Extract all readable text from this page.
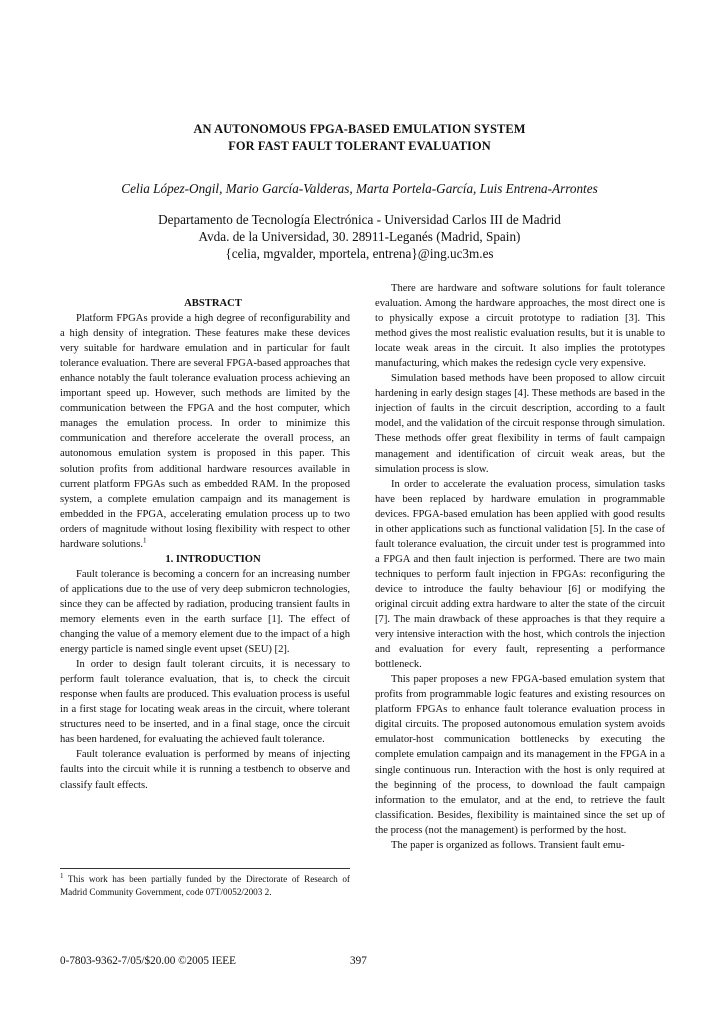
AN AUTONOMOUS FPGA-BASED EMULATION SYSTEM
FOR FAST FAULT TOLERANT EVALUATION
Celia López-Ongil, Mario García-Valderas, Marta Portela-García, Luis Entrena-Arrontes
Departamento de Tecnología Electrónica - Universidad Carlos III de Madrid
Avda. de la Universidad, 30. 28911-Leganés (Madrid, Spain)
{celia, mgvalder, mportela, entrena}@ing.uc3m.es

ABSTRACT

Platform FPGAs provide a high degree of reconfigurability and a high density of integration. These features make these devices very suitable for hardware emulation and in particular for fault tolerance evaluation. There are several FPGA-based approaches that enhance notably the fault tolerance evaluation process achieving an important speed up. However, such methods are limited by the communication between the FPGA and the host computer, which manages the emulation process. In order to minimize this communication and therefore accelerate the overall process, an autonomous emulation system is proposed in this paper. This solution profits from additional hardware resources available in current platform FPGAs such as embedded RAM. In the proposed system, a complete emulation campaign and its management is embedded in the FPGA, accelerating emulation process up to two orders of magnitude without losing flexibility with respect to other hardware solutions.$^1$

1. INTRODUCTION

Fault tolerance is becoming a concern for an increasing number of applications due to the use of very deep submicron technologies, since they can be affected by radiation, producing transient faults in memory elements even in the earth surface [1]. The effect of changing the value of a memory element due to the impact of a high energy particle is named single event upset (SEU) [2].

In order to design fault tolerant circuits, it is necessary to perform fault tolerance evaluation, that is, to check the circuit response when faults are produced. This evaluation process is useful in a first stage for locating weak areas in the circuit, where tolerant structures need to be inserted, and in a final stage, once the circuit has been hardened, for evaluating the achieved fault tolerance.

Fault tolerance evaluation is performed by means of injecting faults into the circuit while it is running a testbench to observe and classify fault effects.

There are hardware and software solutions for fault tolerance evaluation. Among the hardware approaches, the most direct one is to physically expose a circuit prototype to radiation [3]. This method gives the most realistic evaluation results, but it is unable to locate weak areas in the circuit. It also implies the prototypes manufacturing, which makes the redesign cycle very expensive.

Simulation based methods have been proposed to allow circuit hardening in early design stages [4]. These methods are based in the injection of faults in the circuit description, according to a fault model, and the validation of the circuit response through simulation. These methods offer great flexibility in terms of fault campaign management and identification of circuit weak areas, but the simulation process is slow.

In order to accelerate the evaluation process, simulation tasks have been replaced by hardware emulation in programmable devices. FPGA-based emulation has been applied with good results in other applications such as functional validation [5]. In the case of fault tolerance evaluation, the circuit under test is programmed into a FPGA and then fault injection is performed. There are two main techniques to perform fault injection in FPGAs: reconfiguring the device to introduce the faulty behaviour [6] or modifying the original circuit adding extra hardware to alter the state of the circuit [7]. The main drawback of these approaches is that they require a very intensive interaction with the host, which controls the injection and evaluation for every fault, representing a performance bottleneck.

This paper proposes a new FPGA-based emulation system that profits from programmable logic features and existing resources on platform FPGAs to enhance fault tolerance evaluation process in digital circuits. The proposed autonomous emulation system avoids emulator-host communication bottlenecks by executing the complete emulation campaign and its management in the FPGA in a single continuous run. Interaction with the host is only required at the beginning of the process, to download the fault campaign information to the emulator, and at the end, to retrieve the fault classification. Besides, flexibility is maintained since the set up of the process (not the management) is performed by the host.

The paper is organized as follows. Transient fault emu-

$^1$ This work has been partially funded by the Directorate of Research of Madrid Community Government, code 07T/0052/2003 2.
0-7803-9362-7/05/$20.00 ©2005 IEEE	397
